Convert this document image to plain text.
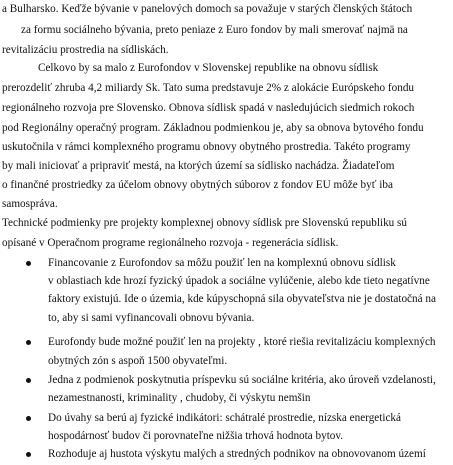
a Bulharsko. Keďže bývanie v panelových domoch sa považuje v starých členských štátoch
za formu sociálneho bývania, preto peniaze z Euro fondov by mali smerovať najmä na
revitalizáciu prostredia na sídliskách.
Celkovo by sa malo z Eurofondov v Slovenskej republike na obnovu sídlisk
prerozdeliť zhruba 4,2 miliardy Sk. Tato suma predstavuje 2% z alokácie Európskeho fondu
regionálneho rozvoja pre Slovensko. Obnova sídlisk spadá v nasledujúcich siedmich rokoch
pod Regionálny operačný program. Základnou podmienkou je, aby sa obnova bytového fondu
uskutočnila v rámci komplexného programu obnovy obytného prostredia. Takéto programy
by mali iniciovať a pripraviť mestá, na ktorých území sa sídlisko nachádza. Žiadateľom
o finančné prostriedky za účelom obnovy obytných súborov z fondov EU môže byť iba
samospráva.
Technické podmienky pre projekty komplexnej obnovy sídlisk pre Slovenskú republiku sú
opísané v Operačnom programe regionálneho rozvoja - regenerácia sídlisk.
Financovanie z Eurofondov sa môžu použiť len na komplexnú obnovu sídlisk
v oblastiach kde hrozí fyzický úpadok a sociálne vylúčenie, alebo kde tieto negatívne
faktory existujú. Ide o územia, kde kúpyschopná sila obyvateľstva nie je dostatočná na
to, aby si sami vyfinancovali obnovu bývania.
Eurofondy bude možné použiť len na projekty , ktoré riešia revitalizáciu komplexných
obytných zón s aspoň 1500 obyvateľmi.
Jedna z podmienok poskytnutia príspevku sú sociálne kritéria, ako úroveň vzdelanosti,
nezamestnanosti, kriminality , chudoby, či výskytu nemšin
Do úvahy sa berú aj fyzické indikátori: schátralé prostredie, nízska energetická
hospodárnosť budov či porovnateľne nižšia trhová hodnota bytov.
Rozhoduje aj hustota výskytu malých a stredných podnikov na obnovovanom území
